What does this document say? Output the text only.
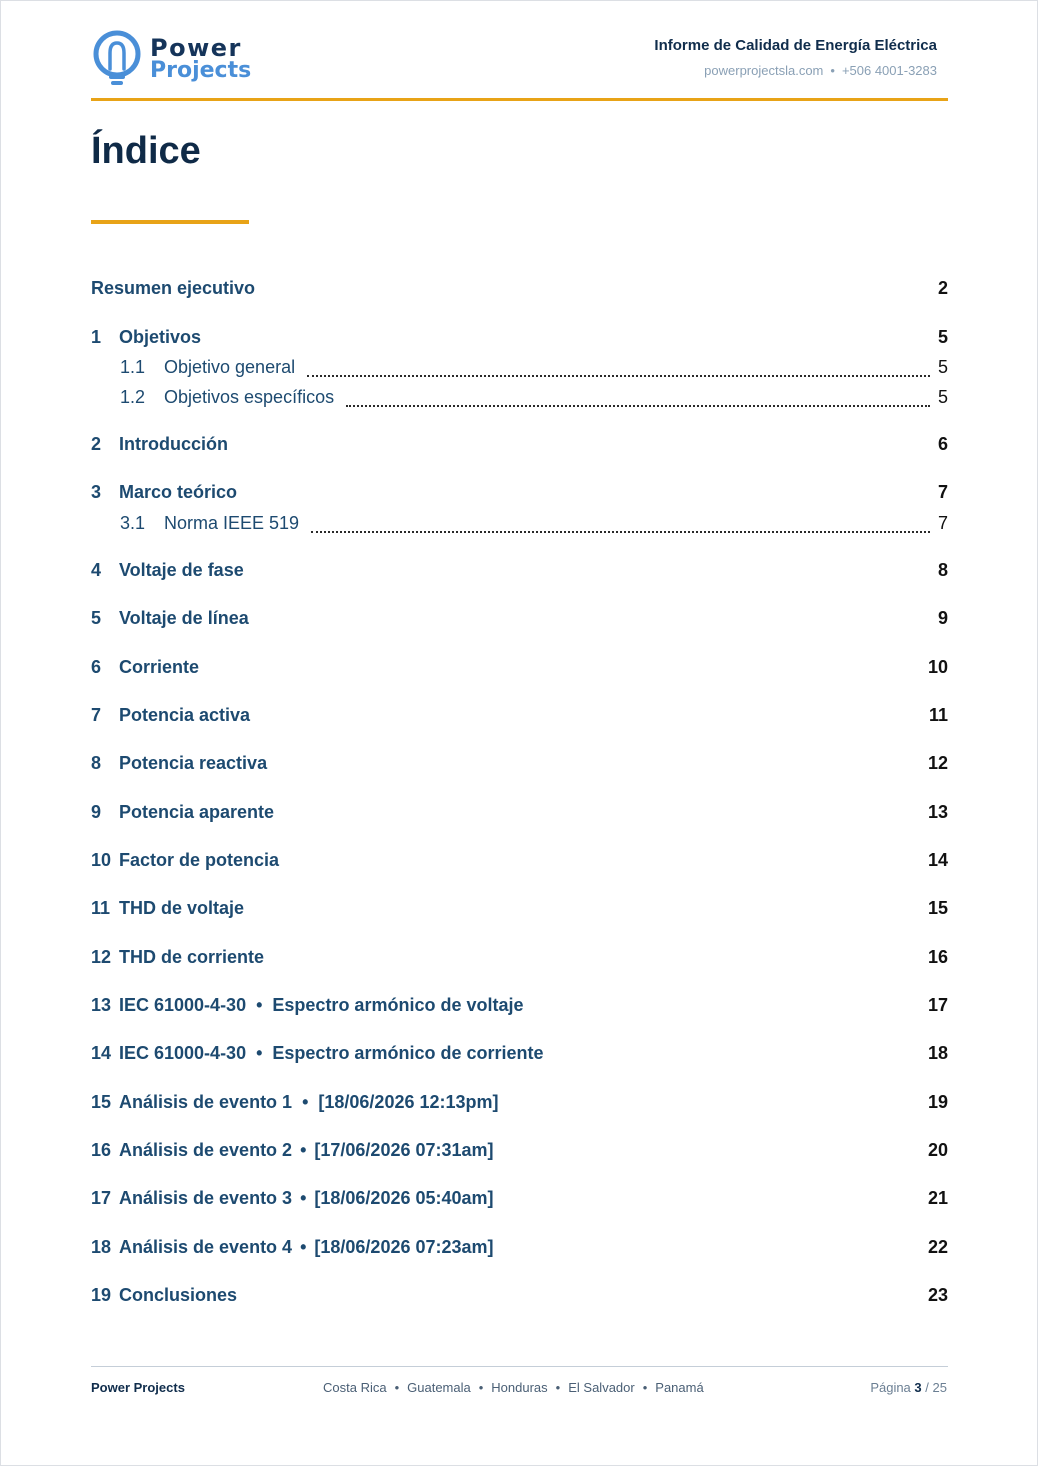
Power
Projects
Informe de Calidad de Energía Eléctrica
powerprojectsla.com • +506 4001-3283
Índice
Resumen ejecutivo	2
1 Objetivos	5
1.1 Objetivo general	5
1.2 Objetivos específicos	5
2 Introducción	6
3 Marco teórico	7
3.1 Norma IEEE 519	7
4 Voltaje de fase	8
5 Voltaje de línea	9
6 Corriente	10
7 Potencia activa	11
8 Potencia reactiva	12
9 Potencia aparente	13
10 Factor de potencia	14
11 THD de voltaje	15
12 THD de corriente	16
13 IEC 61000-4-30 • Espectro armónico de voltaje	17
14 IEC 61000-4-30 • Espectro armónico de corriente	18
15 Análisis de evento 1 • [18/06/2026 12:13pm]	19
16 Análisis de evento 2 • [17/06/2026 07:31am]	20
17 Análisis de evento 3 • [18/06/2026 05:40am]	21
18 Análisis de evento 4 • [18/06/2026 07:23am]	22
19 Conclusiones	23
Power Projects	Costa Rica • Guatemala • Honduras • El Salvador • Panamá	Página 3 / 25
